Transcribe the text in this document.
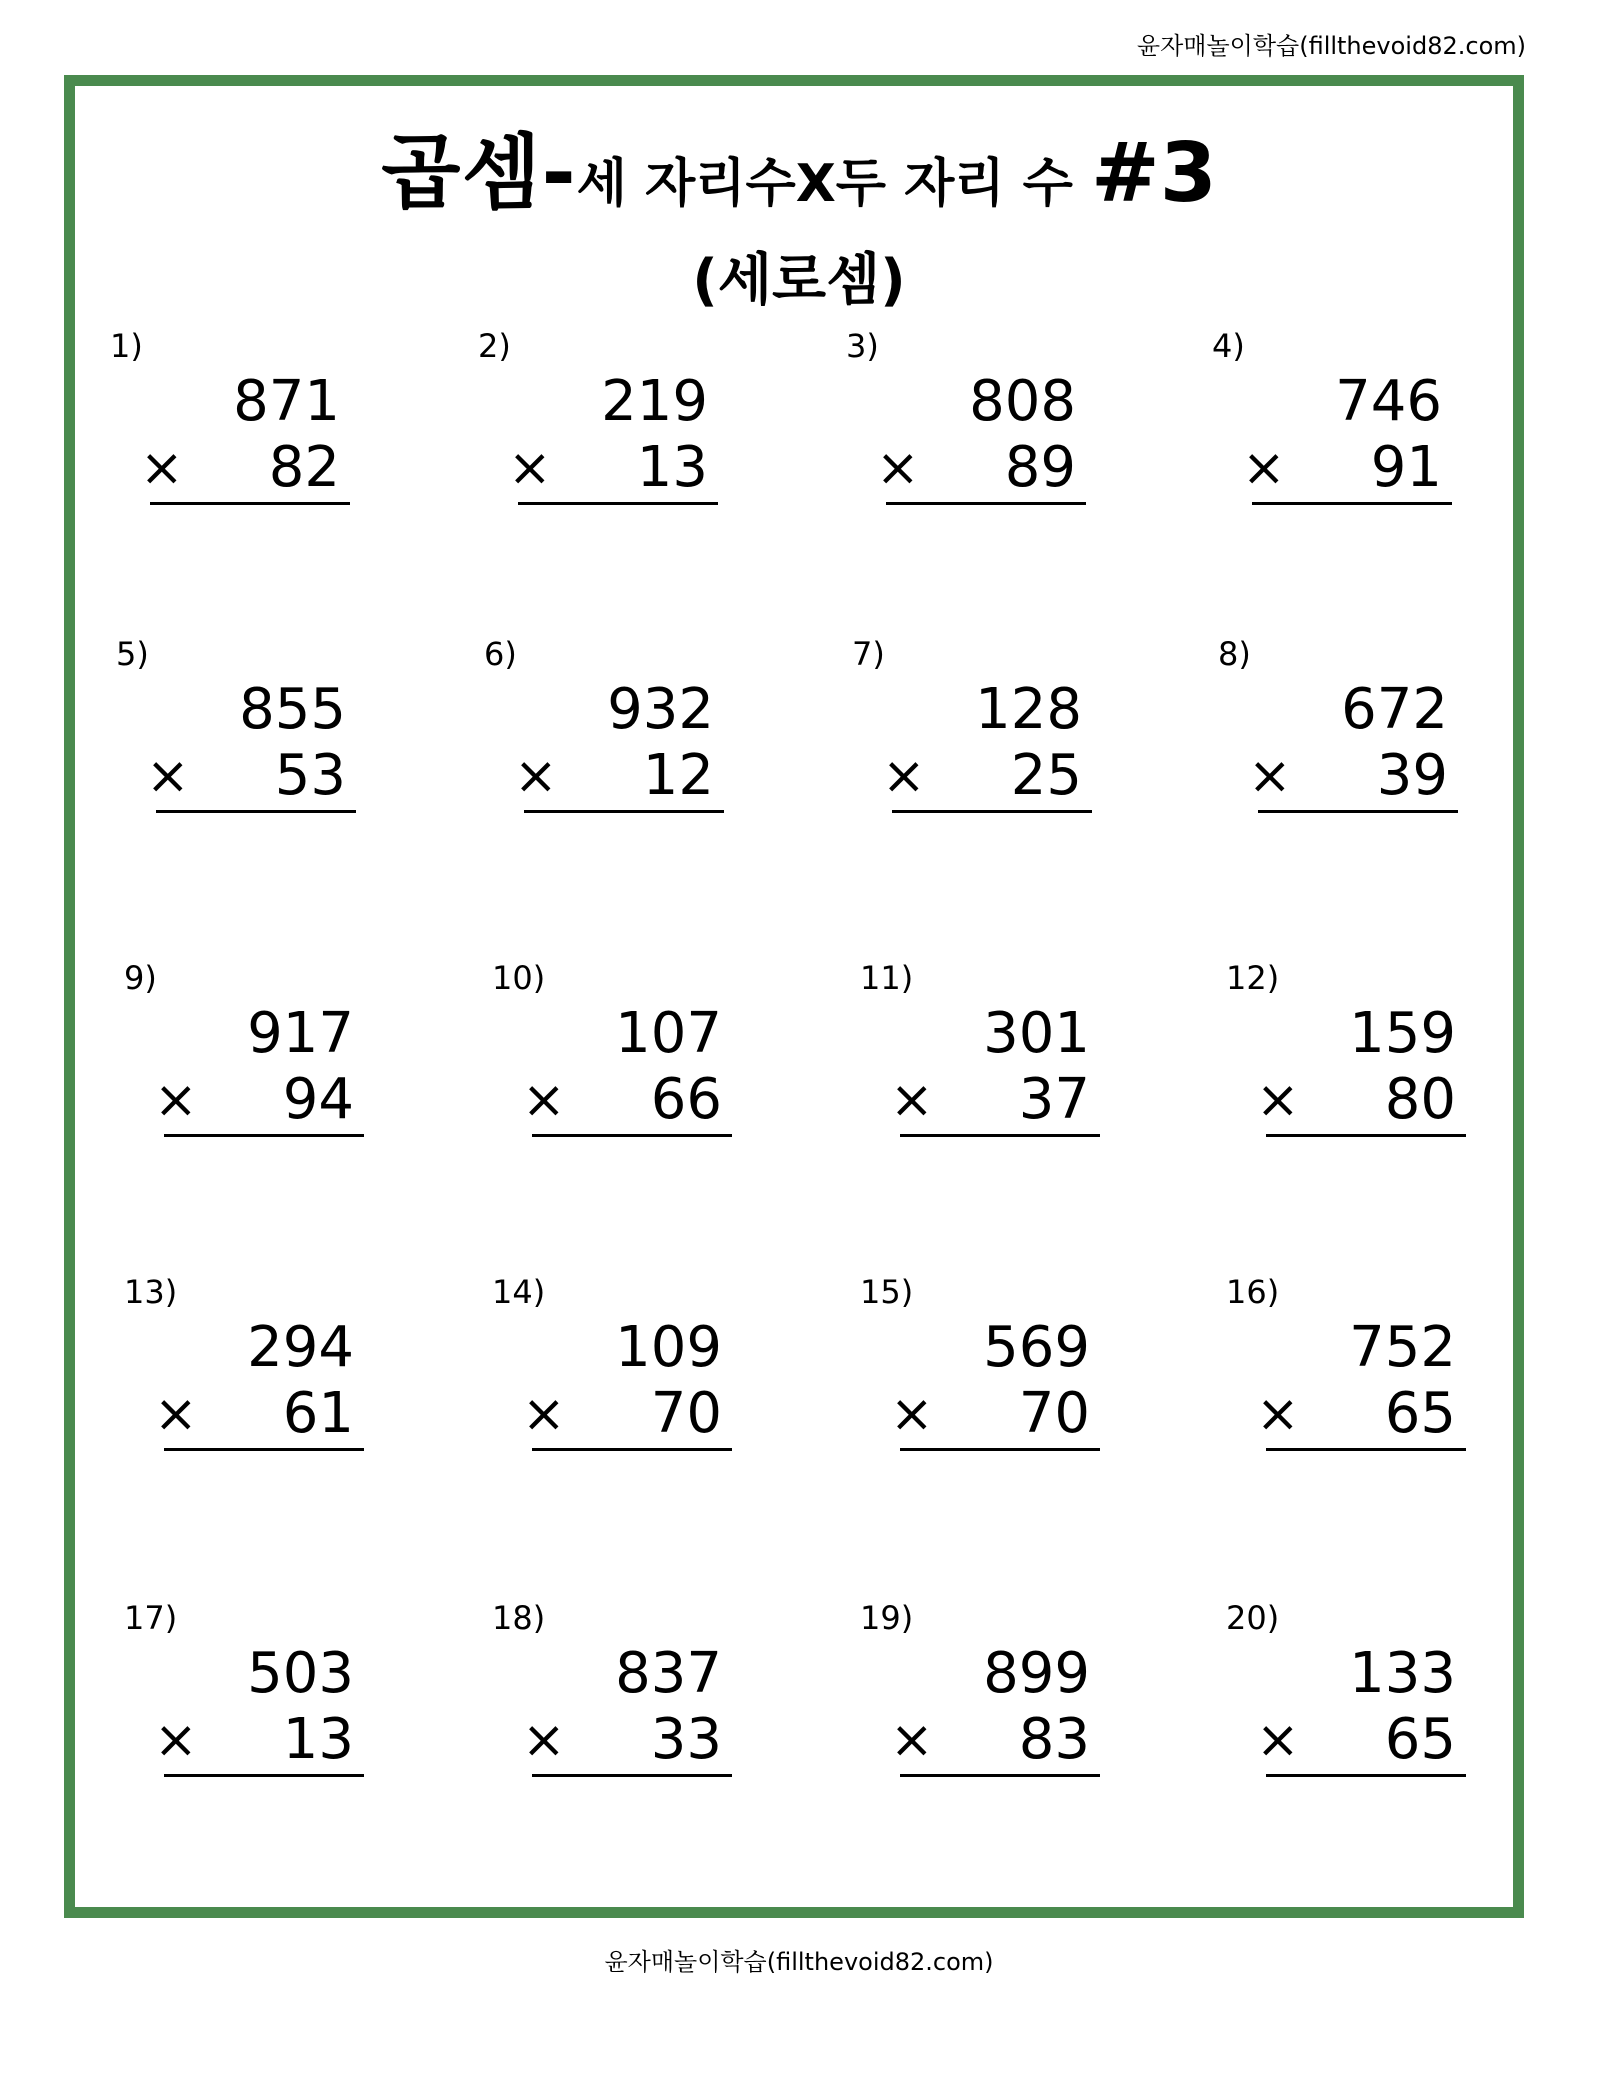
윤자매놀이학습(fillthevoid82.com)
곱셈-세 자리수X두 자리 수 #3
(세로셈)
1)
871
× 82
2)
219
× 13
3)
808
× 89
4)
746
× 91
5)
855
× 53
6)
932
× 12
7)
128
× 25
8)
672
× 39
9)
917
× 94
10)
107
× 66
11)
301
× 37
12)
159
× 80
13)
294
× 61
14)
109
× 70
15)
569
× 70
16)
752
× 65
17)
503
× 13
18)
837
× 33
19)
899
× 83
20)
133
× 65
윤자매놀이학습(fillthevoid82.com)
